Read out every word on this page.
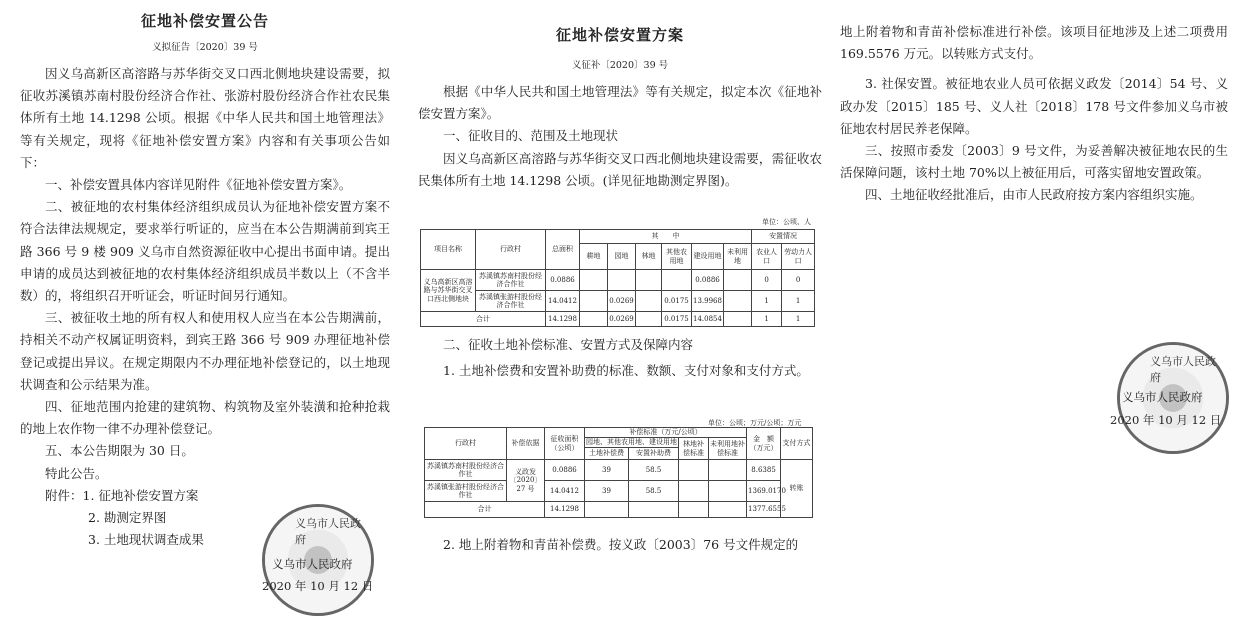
征地补偿安置公告
义拟征告〔2020〕39 号

因义乌高新区高溶路与苏华街交叉口西北侧地块建设需要，拟征收苏溪镇苏南村股份经济合作社、张游村股份经济合作社农民集体所有土地 14.1298 公顷。根据《中华人民共和国土地管理法》等有关规定，现将《征地补偿安置方案》内容和有关事项公告如下：

一、补偿安置具体内容详见附件《征地补偿安置方案》。

二、被征地的农村集体经济组织成员认为征地补偿安置方案不符合法律法规规定，要求举行听证的，应当在本公告期满前到宾王路 366 号 9 楼 909 义乌市自然资源征收中心提出书面申请。提出申请的成员达到被征地的农村集体经济组织成员半数以上（不含半数）的，将组织召开听证会，听证时间另行通知。

三、被征收土地的所有权人和使用权人应当在本公告期满前，持相关不动产权属证明资料，到宾王路 366 号 909 办理征地补偿登记或提出异议。在规定期限内不办理征地补偿登记的，以土地现状调查和公示结果为准。

四、征地范围内抢建的建筑物、构筑物及室外装潢和抢种抢栽的地上农作物一律不办理补偿登记。

五、本公告期限为 30 日。

特此公告。

附件：1. 征地补偿安置方案

2. 勘测定界图

3. 土地现状调查成果

义乌市人民政府
义乌市人民政府
2020 年 10 月 12 日
征地补偿安置方案
义征补〔2020〕39 号

根据《中华人民共和国土地管理法》等有关规定，拟定本次《征地补偿安置方案》。

一、征收目的、范围及土地现状

因义乌高新区高溶路与苏华街交叉口西北侧地块建设需要，需征收农民集体所有土地 14.1298 公顷。(详见征地勘测定界图)。

单位：公顷、人
项目名称	行政村	总面积	其　　中						安置情况	
			耕地	园地	林地	其他农用地	建设用地	未利用地	农业人口	劳动力人口
义乌高新区高溶路与苏华街交叉口西北侧地块	苏溪镇苏南村股份经济合作社	0.0886					0.0886		0	0
	苏溪镇张游村股份经济合作社	14.0412		0.0269		0.0175	13.9968		1	1
合计		14.1298		0.0269		0.0175	14.0854		1	1

二、征收土地补偿标准、安置方式及保障内容

1. 土地补偿费和安置补助费的标准、数额、支付对象和支付方式。

单位：公顷；万元/公顷；万元
行政村	补偿依据	征收面积（公顷）	补偿标准（万元/公顷）				金　额（万元）	支付方式
			园地、其他农用地、建设用地		林地补偿标准	未利用地补偿标准		
			土地补偿费	安置补助费				
苏溪镇苏南村股份经济合作社	义政发〔2020〕27 号	0.0886	39	58.5			8.6385	转账
苏溪镇张游村股份经济合作社		14.0412	39	58.5			1369.0170	
合计		14.1298					1377.6555	

2. 地上附着物和青苗补偿费。按义政〔2003〕76 号文件规定的

地上附着物和青苗补偿标准进行补偿。该项目征地涉及上述二项费用 169.5576 万元。以转账方式支付。

3. 社保安置。被征地农业人员可依据义政发〔2014〕54 号、义政办发〔2015〕185 号、义人社〔2018〕178 号文件参加义乌市被征地农村居民养老保障。

三、按照市委发〔2003〕9 号文件，为妥善解决被征地农民的生活保障问题，该村土地 70%以上被征用后，可落实留地安置政策。

四、土地征收经批准后，由市人民政府按方案内容组织实施。

义乌市人民政府
义乌市人民政府
2020 年 10 月 12 日
